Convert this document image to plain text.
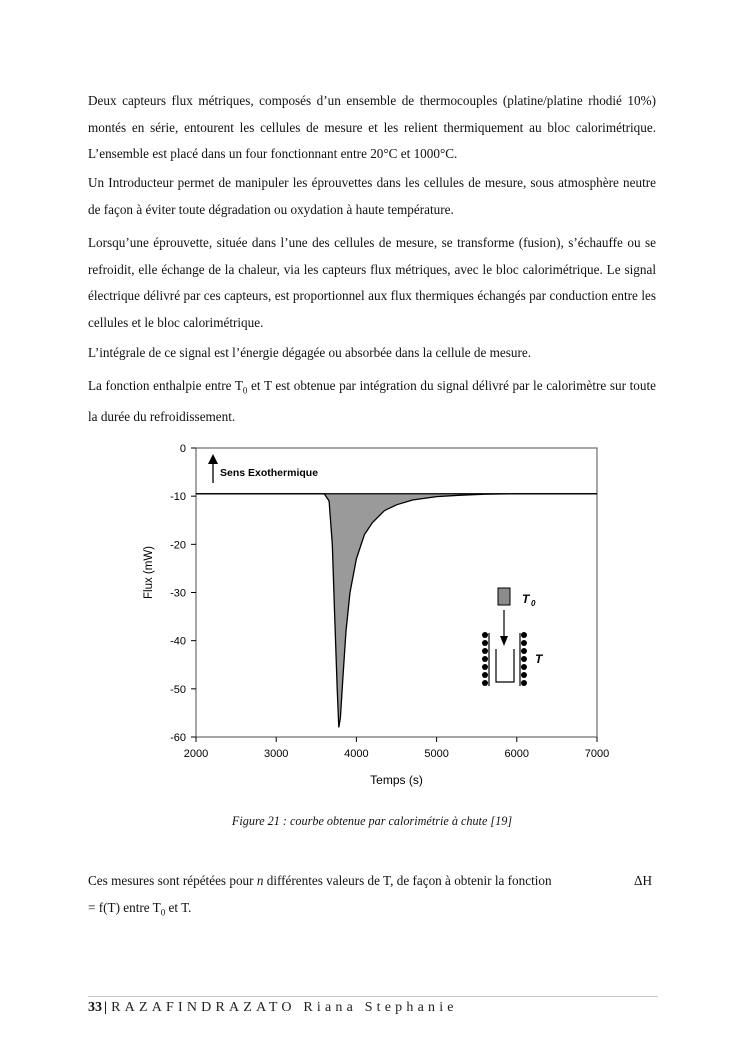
Deux capteurs flux métriques, composés d’un ensemble de thermocouples (platine/platine rhodié 10%) montés en série, entourent les cellules de mesure et les relient thermiquement au bloc calorimétrique. L’ensemble est placé dans un four fonctionnant entre 20°C et 1000°C.

Un Introducteur permet de manipuler les éprouvettes dans les cellules de mesure, sous atmosphère neutre de façon à éviter toute dégradation ou oxydation à haute température.

Lorsqu’une éprouvette, située dans l’une des cellules de mesure, se transforme (fusion), s’échauffe ou se refroidit, elle échange de la chaleur, via les capteurs flux métriques, avec le bloc calorimétrique. Le signal électrique délivré par ces capteurs, est proportionnel aux flux thermiques échangés par conduction entre les cellules et le bloc calorimétrique.

L’intégrale de ce signal est l’énergie dégagée ou absorbée dans la cellule de mesure.

La fonction enthalpie entre $T_0$ et T est obtenue par intégration du signal délivré par le calorimètre sur toute la durée du refroidissement.

0
-10
-20
-30
-40
-50
-60
2000	3000	4000	5000	6000	7000
Temps (s)
Flux (mW)
Sens Exothermique
T 0
T
Figure 21 : courbe obtenue par calorimétrie à chute [19]
Ces mesures sont répétées pour n différentes valeurs de T, de façon à obtenir la fonction	ΔH
= f(T) entre $T_0$ et T.
33 | RAZAFINDRAZATO Riana Stephanie
